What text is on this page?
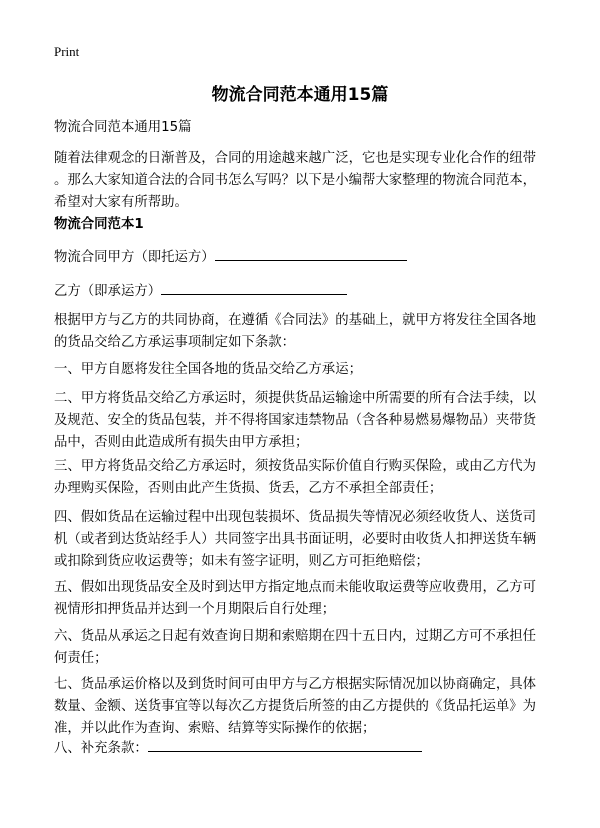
Print
物流合同范本通用15篇

物流合同范本通用15篇

随着法律观念的日渐普及，合同的用途越来越广泛，它也是实现专业化合作的纽带

。那么大家知道合法的合同书怎么写吗？以下是小编帮大家整理的物流合同范本，

希望对大家有所帮助。

物流合同范本1

物流合同甲方（即托运方）

乙方（即承运方）

根据甲方与乙方的共同协商，在遵循《合同法》的基础上，就甲方将发往全国各地

的货品交给乙方承运事项制定如下条款：

一、甲方自愿将发往全国各地的货品交给乙方承运；

二、甲方将货品交给乙方承运时，须提供货品运输途中所需要的所有合法手续，以

及规范、安全的货品包装，并不得将国家违禁物品（含各种易燃易爆物品）夹带货

品中，否则由此造成所有损失由甲方承担；

三、甲方将货品交给乙方承运时，须按货品实际价值自行购买保险，或由乙方代为

办理购买保险，否则由此产生货损、货丢，乙方不承担全部责任；

四、假如货品在运输过程中出现包装损坏、货品损失等情况必须经收货人、送货司

机（或者到达货站经手人）共同签字出具书面证明，必要时由收货人扣押送货车辆

或扣除到货应收运费等；如未有签字证明，则乙方可拒绝赔偿；

五、假如出现货品安全及时到达甲方指定地点而未能收取运费等应收费用，乙方可

视情形扣押货品并达到一个月期限后自行处理；

六、货品从承运之日起有效查询日期和索赔期在四十五日内，过期乙方可不承担任

何责任；

七、货品承运价格以及到货时间可由甲方与乙方根据实际情况加以协商确定，具体

数量、金额、送货事宜等以每次乙方提货后所签的由乙方提供的《货品托运单》为

准，并以此作为查询、索赔、结算等实际操作的依据；

八、补充条款：
